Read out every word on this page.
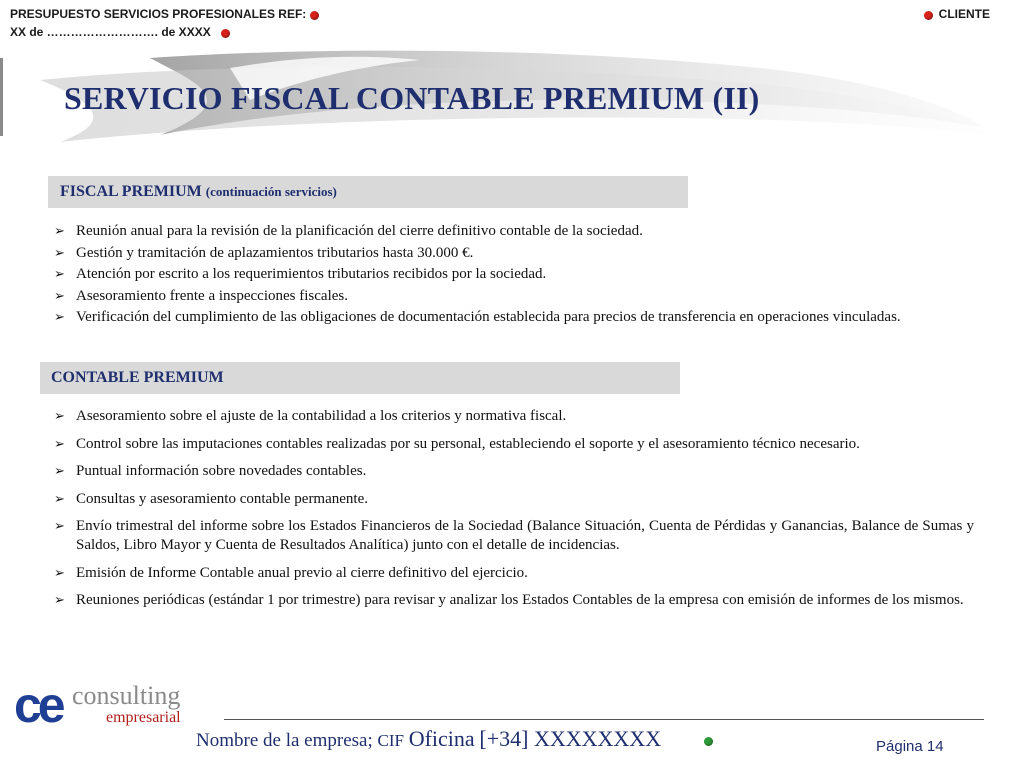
PRESUPUESTO SERVICIOS PROFESIONALES REF:
XX de ………………………. de XXXX
CLIENTE
SERVICIO FISCAL CONTABLE PREMIUM (II)
FISCAL PREMIUM (continuación servicios)
➢ Reunión anual para la revisión de la planificación del cierre definitivo contable de la sociedad.
➢ Gestión y tramitación de aplazamientos tributarios hasta 30.000 €.
➢ Atención por escrito a los requerimientos tributarios recibidos por la sociedad.
➢ Asesoramiento frente a inspecciones fiscales.
➢ Verificación del cumplimiento de las obligaciones de documentación establecida para precios de transferencia en operaciones vinculadas.
CONTABLE PREMIUM
➢ Asesoramiento sobre el ajuste de la contabilidad a los criterios y normativa fiscal.
➢ Control sobre las imputaciones contables realizadas por su personal, estableciendo el soporte y el asesoramiento técnico necesario.
➢ Puntual información sobre novedades contables.
➢ Consultas y asesoramiento contable permanente.
➢ Envío trimestral del informe sobre los Estados Financieros de la Sociedad (Balance Situación, Cuenta de Pérdidas y Ganancias, Balance de Sumas y Saldos, Libro Mayor y Cuenta de Resultados Analítica) junto con el detalle de incidencias.
➢ Emisión de Informe Contable anual previo al cierre definitivo del ejercicio.
➢ Reuniones periódicas (estándar 1 por trimestre) para revisar y analizar los Estados Contables de la empresa con emisión de informes de los mismos.
ce consulting
empresarial
Nombre de la empresa; CIF Oficina [+34] XXXXXXXX	Página 14
